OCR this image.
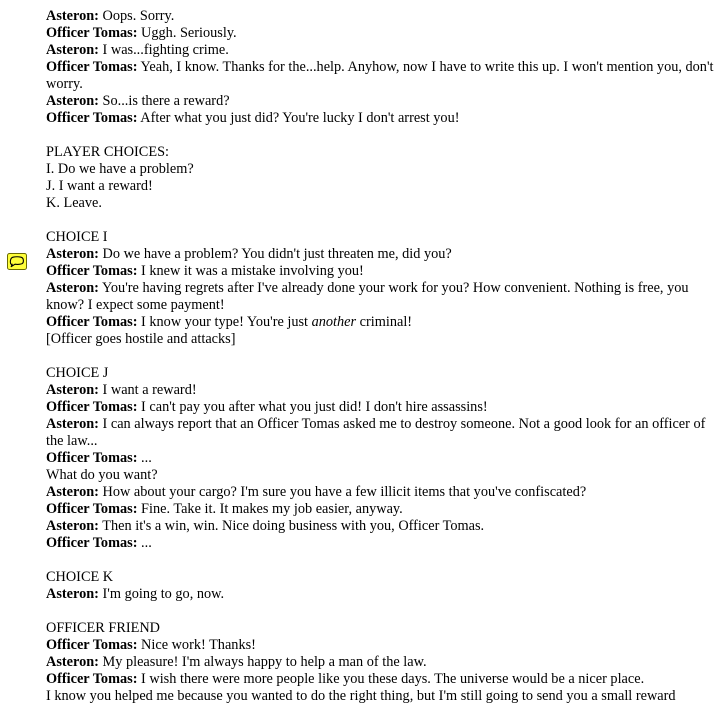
Asteron: Oops. Sorry.
Officer Tomas: Uggh. Seriously.
Asteron: I was...fighting crime.
Officer Tomas: Yeah, I know. Thanks for the...help. Anyhow, now I have to write this up. I won't mention you, don't worry.
Asteron: So...is there a reward?
Officer Tomas: After what you just did? You're lucky I don't arrest you!
PLAYER CHOICES:
I. Do we have a problem?
J. I want a reward!
K. Leave.
CHOICE I
Asteron: Do we have a problem? You didn't just threaten me, did you?
Officer Tomas: I knew it was a mistake involving you!
Asteron: You're having regrets after I've already done your work for you? How convenient. Nothing is free, you know? I expect some payment!
Officer Tomas: I know your type! You're just another criminal!
[Officer goes hostile and attacks]
CHOICE J
Asteron: I want a reward!
Officer Tomas: I can't pay you after what you just did! I don't hire assassins!
Asteron: I can always report that an Officer Tomas asked me to destroy someone. Not a good look for an officer of the law...
Officer Tomas: ...
What do you want?
Asteron: How about your cargo? I'm sure you have a few illicit items that you've confiscated?
Officer Tomas: Fine. Take it. It makes my job easier, anyway.
Asteron: Then it's a win, win. Nice doing business with you, Officer Tomas.
Officer Tomas: ...
CHOICE K
Asteron: I'm going to go, now.
OFFICER FRIEND
Officer Tomas: Nice work! Thanks!
Asteron: My pleasure! I'm always happy to help a man of the law.
Officer Tomas: I wish there were more people like you these days. The universe would be a nicer place.
I know you helped me because you wanted to do the right thing, but I'm still going to send you a small reward
